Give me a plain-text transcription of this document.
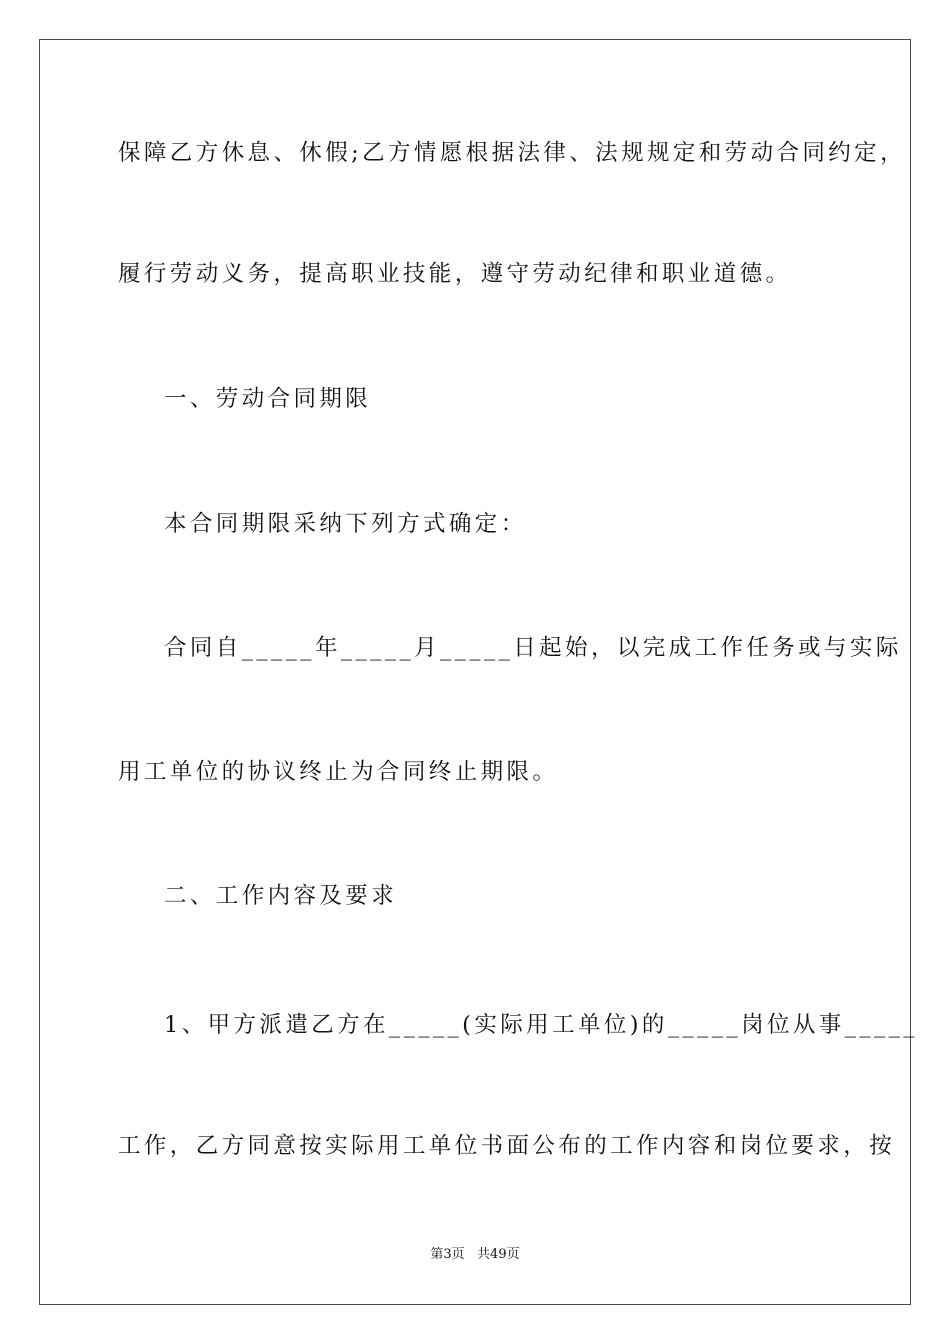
保障乙方休息、休假;乙方情愿根据法律、法规规定和劳动合同约定，
履行劳动义务，提高职业技能，遵守劳动纪律和职业道德。
一、劳动合同期限
本合同期限采纳下列方式确定：
合同自_____年_____月_____日起始，以完成工作任务或与实际
用工单位的协议终止为合同终止期限。
二、工作内容及要求
1、甲方派遣乙方在_____(实际用工单位)的_____岗位从事_____
工作，乙方同意按实际用工单位书面公布的工作内容和岗位要求，按
第3页   共49页
